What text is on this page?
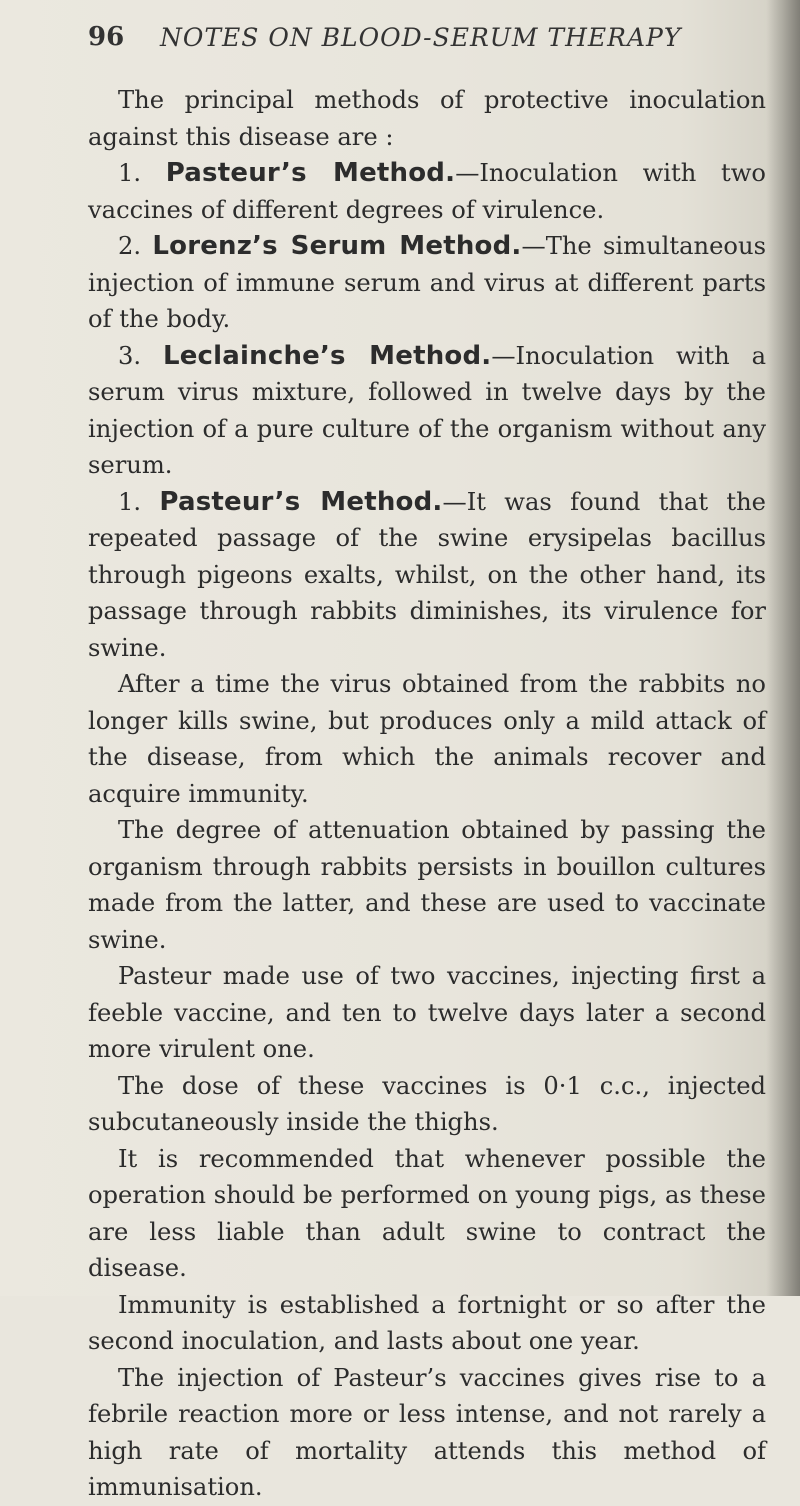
96 NOTES ON BLOOD-SERUM THERAPY

The principal methods of protective inoculation against this disease are :

1. Pasteur’s Method.—Inoculation with two vaccines of different degrees of virulence.

2. Lorenz’s Serum Method.—The simultaneous injection of immune serum and virus at different parts of the body.

3. Leclainche’s Method.—Inoculation with a serum virus mixture, followed in twelve days by the injection of a pure culture of the organism without any serum.

1. Pasteur’s Method.—It was found that the repeated passage of the swine erysipelas bacillus through pigeons exalts, whilst, on the other hand, its passage through rabbits diminishes, its virulence for swine.

After a time the virus obtained from the rabbits no longer kills swine, but produces only a mild attack of the disease, from which the animals recover and acquire immunity.

The degree of attenuation obtained by passing the organism through rabbits persists in bouillon cultures made from the latter, and these are used to vaccinate swine.

Pasteur made use of two vaccines, injecting first a feeble vaccine, and ten to twelve days later a second more virulent one.

The dose of these vaccines is 0·1 c.c., injected subcutaneously inside the thighs.

It is recommended that whenever possible the operation should be performed on young pigs, as these are less liable than adult swine to contract the disease.

Immunity is established a fortnight or so after the second inoculation, and lasts about one year.

The injection of Pasteur’s vaccines gives rise to a febrile reaction more or less intense, and not rarely a high rate of mortality attends this method of immunisation.
